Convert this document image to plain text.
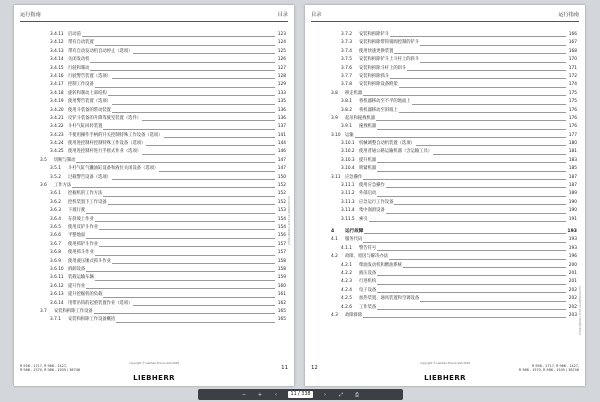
运行指南	目录
3.4.11	启动前	123
3.4.12	带有自动装置	124
3.4.13	带有自动发动机自动停止（选项）	125
3.4.14	关闭发动机	126
3.4.15	行驶和制动	127
3.4.16	行驶警告装置（选项）	128
3.4.17	控制工作设备	129
3.4.18	旋转和制动上部结构	133
3.4.19	使用警告装置（选项）	135
3.4.20	使用斗装备的带动装置	136
3.4.21	反铲斗装备的升降驾驶室装置（选件）	136
3.4.22	斗杆气缸回转装置	137
3.4.23	不使用操作手柄的开关控制特殊工作设备（选项）	141
3.4.24	使用进控制杆控制特殊工作设备（选项）	144
3.4.25	使用进控制杆进行手摇式作业（选项）	146
3.5	切断与制动	147
3.5.1	斗杆气缸气囊油缸设备和液位关闭设备（选项）	147
3.5.2	过载警告设备（选项）	150
3.6	工作方法	152
3.6.1	挖掘机的工作方法	152
3.6.2	挖机装置下工作设备	152
3.6.3	下坡行驶	153
3.6.4	在斜坡上作业	154
3.6.5	使用反铲斗作业	154
3.6.6	平整地面	156
3.6.7	使用抓铲斗作业	157
3.6.8	使用抓斗作业	157
3.6.9	使用液压锤式抓斗作业	158
3.6.10	拆卸设备	158
3.6.11	装载运输车辆	159
3.6.12	提升作业	160
3.6.13	提升挖掘机的负载	161
3.6.14	用带吊钩的起重装置作业（选项）	162
3.7	安装和拆除工作设备	165
3.7.1	安装和拆除工作设备概括	165
LFR/de/Edition 2018-03-26/D0000000
R 956 - 1717, R 966 - 1427,
R 986 - 1570, R 986 - 1505 / 38746
copyright © Liebherr-France SAS 2018
LIEBHERR
11
目录	运行指南
3.7.2	安装和拆除铲斗	166
3.7.3	安装和拆除带钩销阀控制的铲斗	167
3.7.4	使用快速更换装置	168
3.7.5	安装和拆除铲斗上斗杆上的斜斗	170
3.7.6	安装和拆除斗杆上的斜斗	171
3.7.7	安装和拆除抓斗	172
3.7.8	安装和拆除设备附架	174
3.8	移走机器	175
3.8.1	将机器移动至不平的地面上	175
3.8.2	将机器移动至斜坡上	176
3.9	起吊和拖拽机器	176
3.9.1	拖拽机器	176
3.10	运输	177
3.10.1	机械调整自动机装置（选项）	180
3.10.2	使用普通公路运输机器（含运输工具）	181
3.10.3	提升机器	183
3.10.4	锁紧机器	185
3.11	应急操作	187
3.11.1	使用应急操作	187
3.11.2	外部启动	189
3.11.3	应急运行工作设备	190
3.11.4	集中润滑设备	190
3.11.5	索引	191
4	运行故障	193
4.1	服务代码	193
4.1.1	警告符号	193
4.2	故障、原因与解决办法	196
4.2.1	柴油发动机和燃油系统	200
4.2.2	液压设备	201
4.2.3	行进机构	201
4.2.4	电子设备	202
4.2.5	加热装置、通风装置和空调设备	202
4.2.6	工作装备	202
4.3	故障排除	203 LFR/de/Edition 2018-03-26/D0000000
12
copyright © Liebherr-France SAS 2018
LIEBHERR
R 956 - 1717, R 966 - 1427,
R 986 - 1570, R 986 - 1505 / 38746
−	+	‹	11 / 338	›	⤢	⎙
